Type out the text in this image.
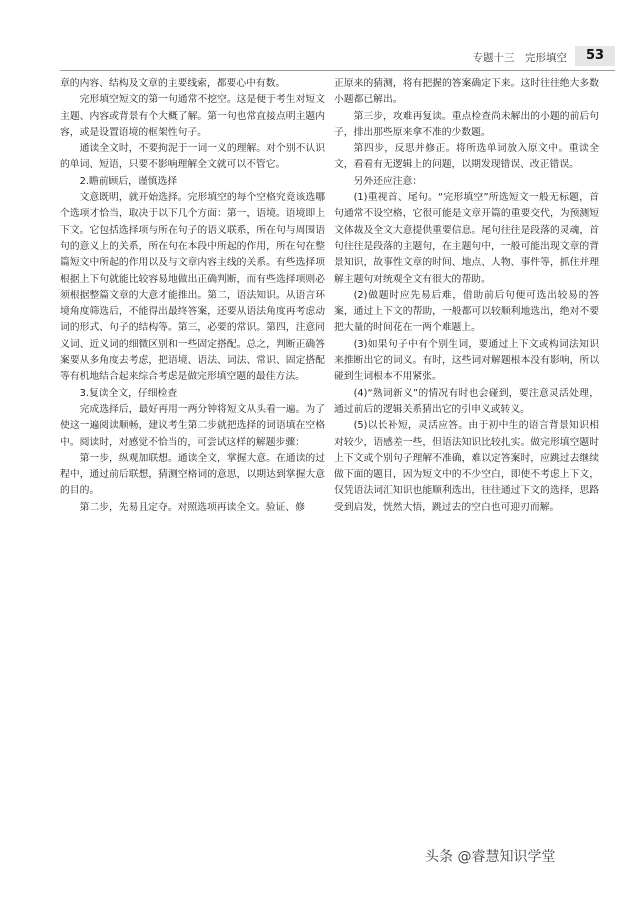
专题十三　完形填空	53

章的内容、结构及文章的主要线索，都要心中有数。

完形填空短文的第一句通常不挖空。这是便于考生对短文主题、内容或背景有个大概了解。第一句也常直接点明主题内容，或是设置语境的框架性句子。

通读全文时，不要拘泥于一词一义的理解。对个别不认识的单词、短语，只要不影响理解全文就可以不管它。

2.瞻前顾后，谨慎选择

文意既明，就开始选择。完形填空的每个空格究竟该选哪个选项才恰当，取决于以下几个方面：第一，语境。语境即上下文。它包括选择项与所在句子的语义联系，所在句与周围语句的意义上的关系，所在句在本段中所起的作用，所在句在整篇短文中所起的作用以及与文章内容主线的关系。有些选择项根据上下句就能比较容易地做出正确判断，而有些选择项则必须根据整篇文章的大意才能推出。第二，语法知识。从语言环境角度筛选后，不能得出最终答案，还要从语法角度再考虑动词的形式、句子的结构等。第三，必要的常识。第四，注意同义词、近义词的细微区别和一些固定搭配。总之，判断正确答案要从多角度去考虑，把语境、语法、词法、常识、固定搭配等有机地结合起来综合考虑是做完形填空题的最佳方法。

3.复读全文，仔细检查

完成选择后，最好再用一两分钟将短文从头看一遍。为了使这一遍阅读顺畅，建议考生第二步就把选择的词语填在空格中。阅读时，对感觉不恰当的，可尝试这样的解题步骤：

第一步，纵观加联想。通读全文，掌握大意。在通读的过程中，通过前后联想，猜测空格词的意思，以期达到掌握大意的目的。

第二步，先易且定夺。对照选项再读全文。验证、修

正原来的猜测，将有把握的答案确定下来。这时往往绝大多数小题都已解出。

第三步，攻难再复读。重点检查尚未解出的小题的前后句子，排出那些原来拿不准的少数题。

第四步，反思并修正。将所选单词放入原文中。重读全文，看看有无逻辑上的问题，以期发现错误、改正错误。

另外还应注意：

(1)重视首、尾句。“完形填空”所选短文一般无标题，首句通常不设空格，它很可能是文章开篇的重要交代，为预测短文体裁及全文大意提供重要信息。尾句往往是段落的灵魂，首句往往是段落的主题句，在主题句中，一般可能出现文章的背景知识，故事性文章的时间、地点、人物、事件等，抓住并理解主题句对统观全文有很大的帮助。

(2)做题时应先易后难，借助前后句便可选出较易的答案，通过上下文的帮助，一般都可以较顺利地选出，绝对不要把大量的时间花在一两个难题上。

(3)如果句子中有个别生词，要通过上下文或构词法知识来推断出它的词义。有时，这些词对解题根本没有影响，所以碰到生词根本不用紧张。

(4)“熟词新义”的情况有时也会碰到，要注意灵活处理，通过前后的逻辑关系猜出它的引申义或转义。

(5)以长补短，灵活应答。由于初中生的语言背景知识相对较少，语感差一些，但语法知识比较扎实。做完形填空题时上下文或个别句子理解不准确，难以定答案时，应跳过去继续做下面的题目，因为短文中的不少空白，即使不考虑上下文，仅凭语法词汇知识也能顺利选出，往往通过下文的选择，思路受到启发，恍然大悟，跳过去的空白也可迎刃而解。

头条 @睿慧知识学堂
